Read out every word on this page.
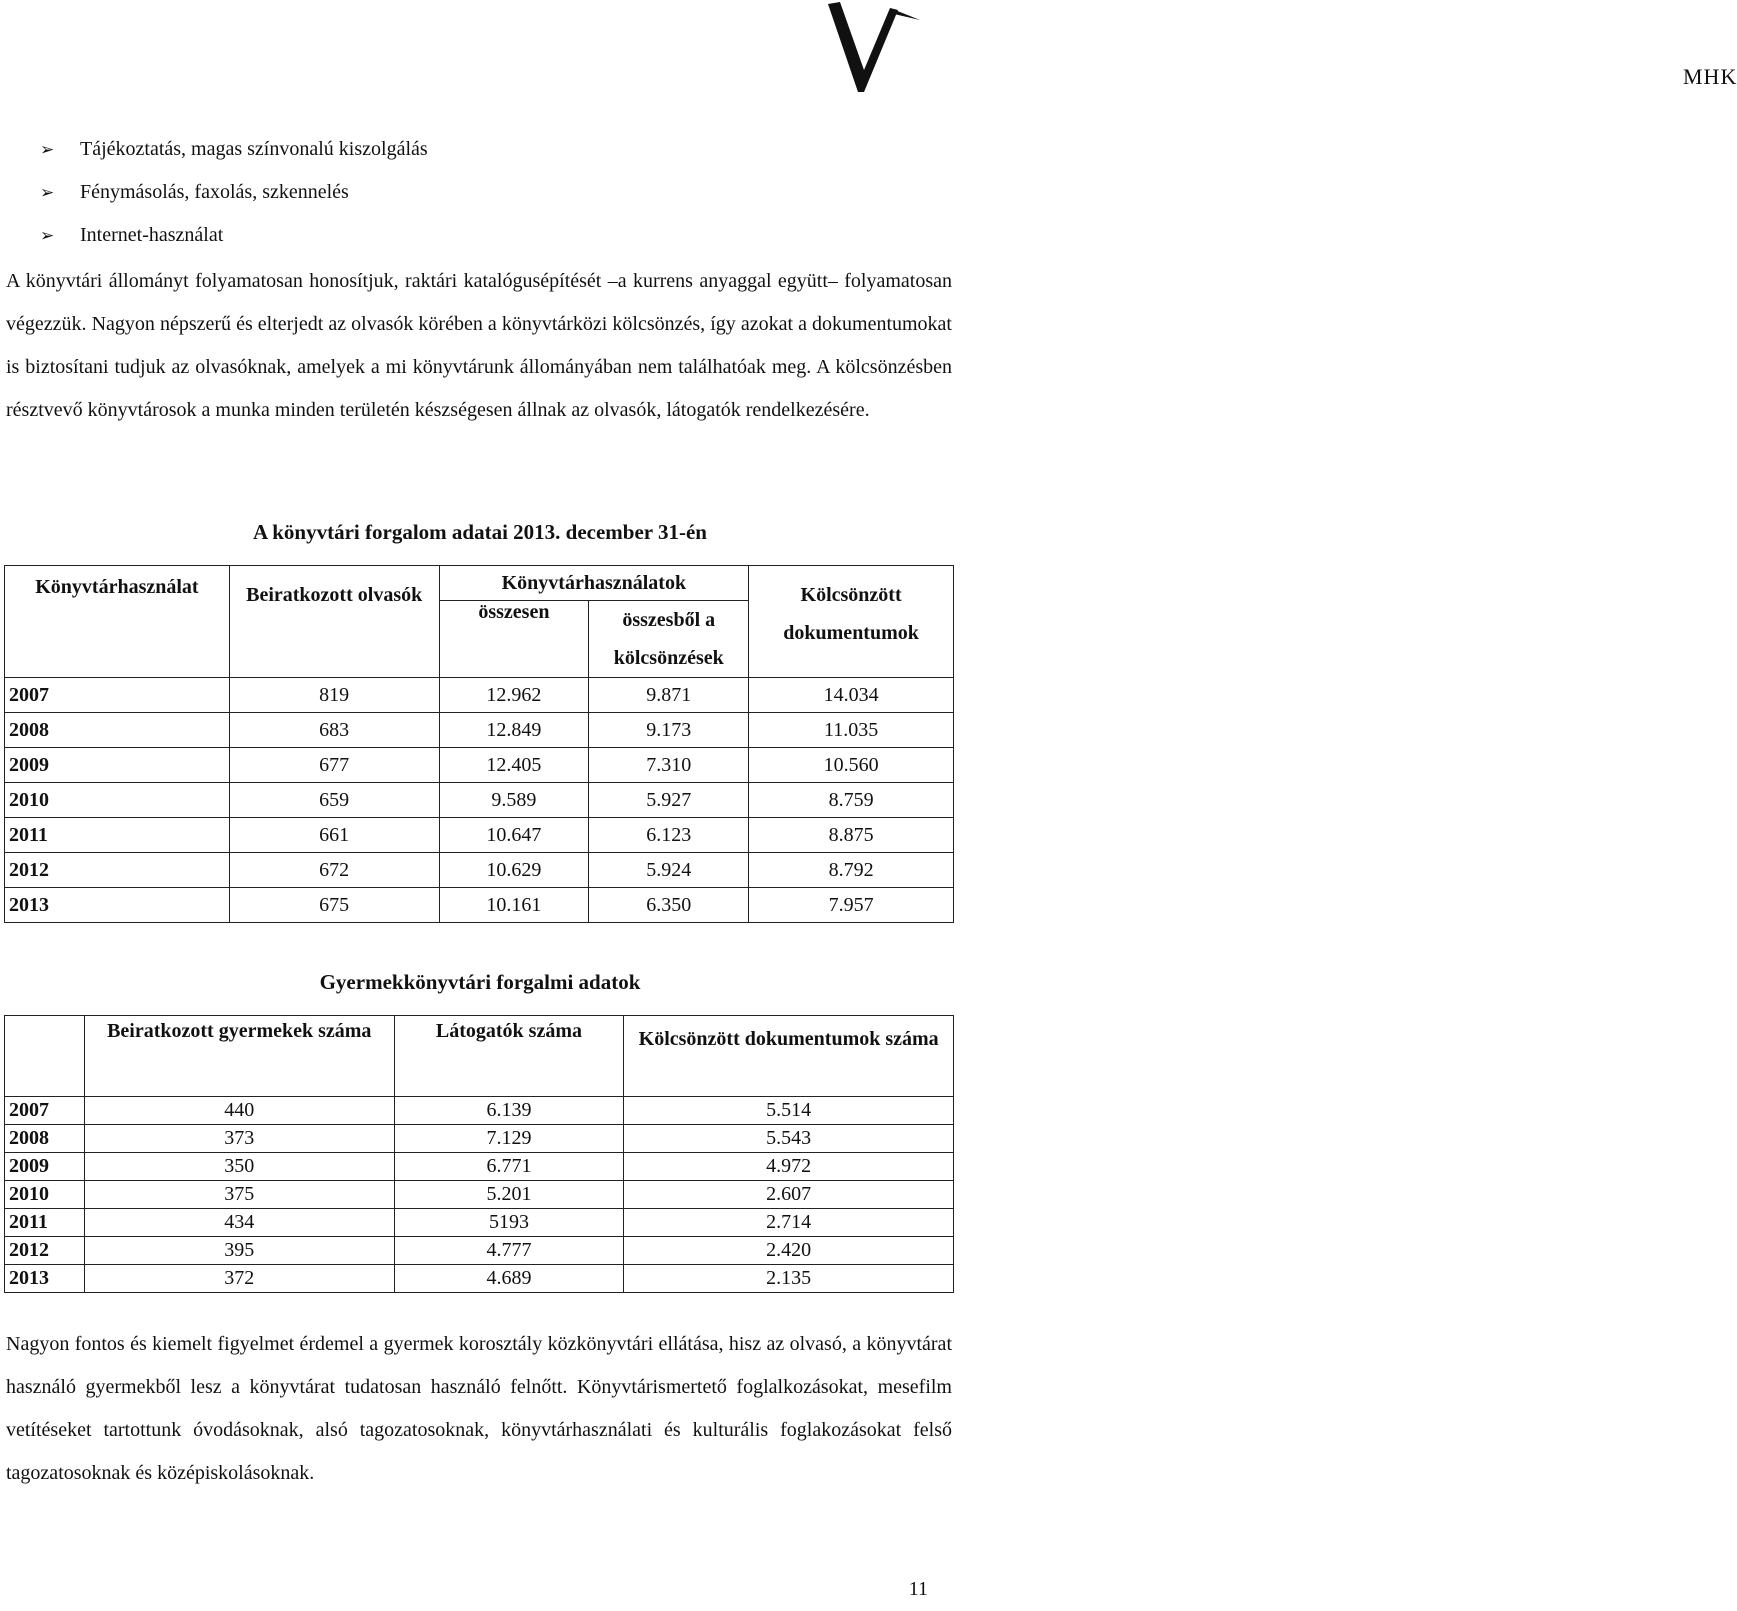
MHK
➢	Tájékoztatás, magas színvonalú kiszolgálás
➢	Fénymásolás, faxolás, szkennelés
➢	Internet-használat

A könyvtári állományt folyamatosan honosítjuk, raktári katalógusépítését –a kurrens anyaggal együtt– folyamatosan végezzük. Nagyon népszerű és elterjedt az olvasók körében a könyvtárközi kölcsönzés, így azokat a dokumentumokat is biztosítani tudjuk az olvasóknak, amelyek a mi könyvtárunk állományában nem találhatóak meg. A kölcsönzésben résztvevő könyvtárosok a munka minden területén készségesen állnak az olvasók, látogatók rendelkezésére.

A könyvtári forgalom adatai 2013. december 31-én
Könyvtárhasználat	Beiratkozott olvasók	Könyvtárhasználatok		Kölcsönzött dokumentumok
		összesen	összesből a kölcsönzések	
2007	819	12.962	9.871	14.034
2008	683	12.849	9.173	11.035
2009	677	12.405	7.310	10.560
2010	659	9.589	5.927	8.759
2011	661	10.647	6.123	8.875
2012	672	10.629	5.924	8.792
2013	675	10.161	6.350	7.957
Gyermekkönyvtári forgalmi adatok
	Beiratkozott gyermekek száma	Látogatók száma	Kölcsönzött dokumentumok száma
2007	440	6.139	5.514
2008	373	7.129	5.543
2009	350	6.771	4.972
2010	375	5.201	2.607
2011	434	5193	2.714
2012	395	4.777	2.420
2013	372	4.689	2.135

Nagyon fontos és kiemelt figyelmet érdemel a gyermek korosztály közkönyvtári ellátása, hisz az olvasó, a könyvtárat használó gyermekből lesz a könyvtárat tudatosan használó felnőtt. Könyvtárismertető foglalkozásokat, mesefilm vetítéseket tartottunk óvodásoknak, alsó tagozatosoknak, könyvtárhasználati és kulturális foglakozásokat felső tagozatosoknak és középiskolásoknak.

11
